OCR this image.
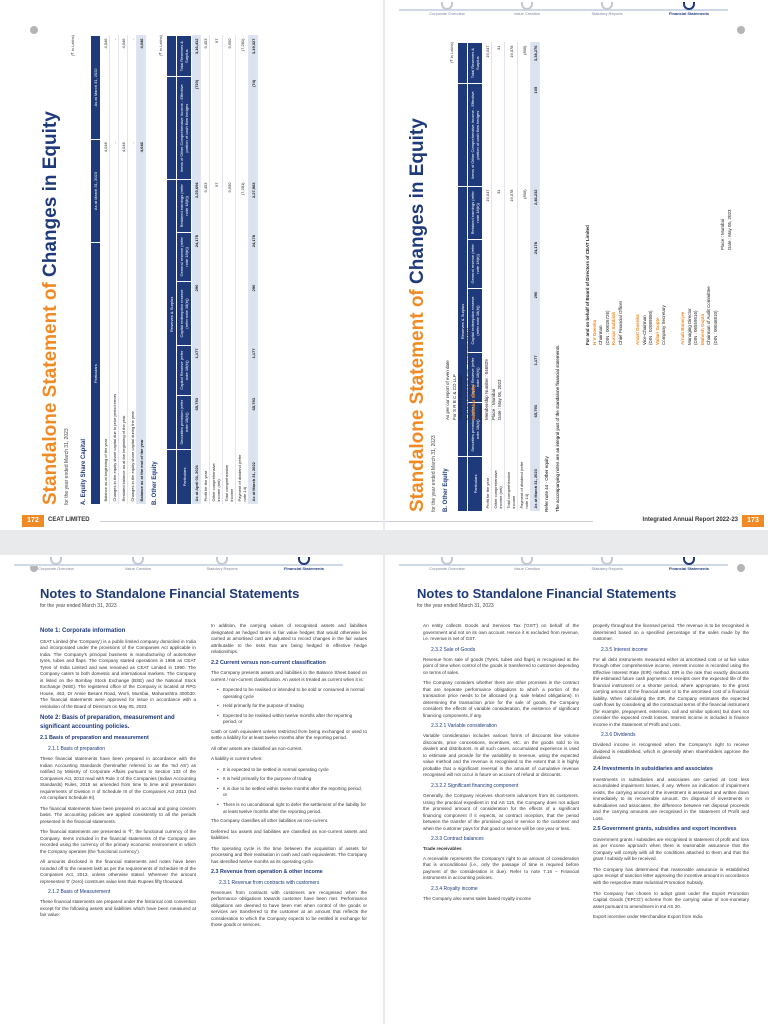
Standalone Statement of Changes in Equity
for the year ended March 31, 2023
(₹ in Lakhs)
A. Equity Share Capital
Particulars	As at March 31, 2023	As at March 31, 2022
Balance as at beginning of the year	4,046	4,046
Changes in the equity share capital due to prior period errors	-	-
Restated balance as at the beginning of the year	4,046	4,046
Changes in the equity share capital during the year	-	-
Balance as at the end of the year	4,046	4,046
B. Other Equity
(₹ in Lakhs)
	Reserves & Surplus						
Particulars	Securities premium (refer note 18(b))	Capital Reserve (refer note 18(b))	Capital redemption reserve (refer note 18(b))	General reserve (refer note 18(b))	Retained earnings (refer note 18(b))	Items of Other Comprehensive Income - Effective portion of cash flow hedges	Total Reserves & Surplus
As at April 01, 2021	65,793	1,177	290	24,178	2,25,694	(720)	3,16,412
Profit for the year					9,453		9,453
Other comprehensive income (net)					97		97
Total comprehensive income					9,550		9,550
Payment of dividend (refer note 14)					(7,281)		(7,281)
As at March 31, 2022	65,793	1,177	290	24,178	2,27,963	(74)	3,19,327
172	CEAT LIMITED
Corporate Overview	Value Creation	Statutory Reports	Financial Statements
Standalone Statement of Changes in Equity
for the year ended March 31, 2023 B. Other Equity
(₹ in Lakhs)
	Reserves & Surplus						
Particulars	Securities premium (refer note 18(b))	Capital Reserve (refer note 18(b))	Capital redemption reserve (refer note 18(b))	General reserve (refer note 18(b))	Retained earnings (refer note 18(b))	Items of Other Comprehensive Income - Effective portion of cash flow hedges	Total Reserves & Surplus
Profit for the year					19,047		19,047
Other comprehensive income (net)					31		31
Total comprehensive income					19,078		19,078
Payment of dividend (refer note 14)					(809)		(809)
As at March 31, 2023	65,793	1,177	290	24,178	2,46,232	105	3,38,276
Refer note 44 - Other equity The accompanying notes are an integral part of the standalone financial statements.
As per our report of even date For S R B C & CO LLP Chartered Accountants ICAI Firm Registration No : 324982E/E300003 Sudhakar Shetty Partner Membership Number : 046829 Place : Mumbai Date : May 05, 2023
For and on behalf of Board of Directors of CEAT Limited H V Goenka Chairman (DIN : 00026726) Kumar Subbiah Chief Financial Officer	Anant Goenka Vice-Chairman (DIN : 02089850) Vallari Gupte Company Secretary	Arnab Banerjee Managing Director (DIN : 06559516) Mahesh Gupta Chairman of Audit Committee (DIN : 00046810)
Place : Mumbai Date : May 05, 2023
Integrated Annual Report 2022-23	173
Corporate Overview	Value Creation	Statutory Reports	Financial Statements
Notes to Standalone Financial Statements
for the year ended March 31, 2023
Note 1: Corporate information

CEAT Limited (the 'Company') is a public limited company domiciled in India and incorporated under the provisions of the Companies Act applicable in India. The Company's principal business is manufacturing of automotive tyres, tubes and flaps. The Company started operations in 1958 as CEAT Tyres of India Limited and was renamed as CEAT Limited in 1990. The Company caters to both domestic and international markets. The Company is listed on the Bombay Stock Exchange (BSE) and the National Stock Exchange (NSE). The registered office of the Company is located at RPG House, 463, Dr Annie Besant Road, Worli, Mumbai, Maharashtra 400030. The financial statements were approved for issue in accordance with a resolution of the Board of Directors on May 05, 2023.

Note 2: Basis of preparation, measurement and significant accounting policies.
2.1 Basis of preparation and measurement
2.1.1 Basis of preparation

These financial statements have been prepared in accordance with the Indian Accounting Standards (hereinafter referred to as the 'Ind AS') as notified by Ministry of Corporate Affairs pursuant to Section 133 of the Companies Act, 2013 read with Rule 3 of the Companies (Indian Accounting Standards) Rules, 2015 as amended from time to time and presentation requirements of Division II of Schedule III of the Companies Act 2013 (Ind AS compliant Schedule III).

The financial statements have been prepared on accrual and going concern basis. The accounting policies are applied consistently to all the periods presented in the financial statements.

The financial statements are presented in '₹', the functional currency of the Company. Items included in the financial statements of the Company are recorded using the currency of the primary economic environment in which the Company operates (the 'functional currency').

All amounts disclosed in the financial statements and notes have been rounded off to the nearest lakh as per the requirements of Schedule III of the Companies Act, 2013, unless otherwise stated. Wherever the amount represented '0' (zero) construes value less than Rupees fifty thousand.

2.1.2 Basis of Measurement

These financial statements are prepared under the historical cost convention except for the following assets and liabilities which have been measured at fair value:

In addition, the carrying values of recognised assets and liabilities designated as hedged items in fair value hedges that would otherwise be carried at amortised cost are adjusted to record changes in the fair values attributable to the risks that are being hedged in effective hedge relationships.

2.2 Current versus non-current classification

The Company presents assets and liabilities in the Balance Sheet based on current / non-current classification. An asset is treated as current when it is:

• Expected to be realised or intended to be sold or consumed in normal operating cycle
• Held primarily for the purpose of trading
• Expected to be realised within twelve months after the reporting period, or

Cash or cash equivalent unless restricted from being exchanged or used to settle a liability for at least twelve months after the reporting period.

All other assets are classified as non-current.

A liability is current when:

• It is expected to be settled in normal operating cycle
• It is held primarily for the purpose of trading
• It is due to be settled within twelve months after the reporting period, or
• There is no unconditional right to defer the settlement of the liability for at least twelve months after the reporting period.

The Company classifies all other liabilities as non-current.

Deferred tax assets and liabilities are classified as non-current assets and liabilities.

The operating cycle is the time between the acquisition of assets for processing and their realisation in cash and cash equivalents. The Company has identified twelve months as its operating cycle.

2.3 Revenue from operation & other income
2.3.1 Revenue from contracts with customers

Revenues from contracts with customers are recognised when the performance obligations towards customer have been met. Performance obligations are deemed to have been met when control of the goods or services are transferred to the customer at an amount that reflects the consideration to which the Company expects to be entitled in exchange for those goods or services.

Corporate Overview	Value Creation	Statutory Reports	Financial Statements
Notes to Standalone Financial Statements
for the year ended March 31, 2023

An entity collects Goods and Services Tax ('GST') on behalf of the government and not on its own account. Hence it is excluded from revenue, i.e. revenue is net of GST.

2.3.2 Sale of Goods

Revenue from sale of goods (Tyres, tubes and flaps) is recognised at the point of time when control of the goods is transferred to customer depending on terms of sales.

The Company considers whether there are other promises in the contract that are separate performance obligations to which a portion of the transaction price needs to be allocated (e.g. sale related obligations). In determining the transaction price for the sale of goods, the Company considers the effects of variable consideration, the existence of significant financing components, if any.

2.3.2.1 Variable consideration

Variable consideration includes various forms of discounts like volume discounts, price concessions, incentives, etc. on the goods sold to its dealers and distributors. In all such cases, accumulated experience is used to estimate and provide for the variability in revenue, using the expected value method and the revenue is recognised to the extent that it is highly probable that a significant reversal in the amount of cumulative revenue recognised will not occur in future on account of refund or discounts.

2.3.2.2 Significant financing component

Generally, the Company receives short-term advances from its customers. Using the practical expedient in Ind AS 115, the Company does not adjust the promised amount of consideration for the effects of a significant financing component if it expects, at contract inception, that the period between the transfer of the promised good or service to the customer and when the customer pays for that good or service will be one year or less.

2.3.3 Contract balances
Trade receivables

A receivable represents the Company's right to an amount of consideration that is unconditional (i.e., only the passage of time is required before payment of the consideration is due). Refer to note 7.16 – Financial instruments in accounting policies.

2.3.4 Royalty income

The Company also earns sales based royalty income

properly throughout the licensed period. The revenue is to be recognised is determined based on a specified percentage of the sales made by the customer.

2.3.5 Interest income

For all debt instruments measured either at amortised cost or at fair value through other comprehensive income, interest income is recorded using the Effective Interest Rate (EIR) method. EIR is the rate that exactly discounts the estimated future cash payments or receipts over the expected life of the financial instrument or a shorter period, where appropriate, to the gross carrying amount of the financial asset or to the amortised cost of a financial liability. When calculating the EIR, the Company estimates the expected cash flows by considering all the contractual terms of the financial instrument (for example, prepayment, extension, call and similar options) but does not consider the expected credit losses. Interest income is included in finance income in the Statement of Profit and Loss.

2.3.6 Dividends

Dividend income is recognised when the Company's right to receive dividend is established, which is generally when shareholders approve the dividend.

2.4 Investments in subsidiaries and associates

Investments in subsidiaries and associates are carried at cost less accumulated impairment losses, if any. Where an indication of impairment exists, the carrying amount of the investment is assessed and written down immediately to its recoverable amount. On disposal of investments in subsidiaries and associates, the difference between net disposal proceeds and the carrying amounts are recognised in the Statement of Profit and Loss.

2.5 Government grants, subsidies and export incentives

Government grants / subsidies are recognised in statement of profit and loss as per income approach when there is reasonable assurance that the Company will comply with all the conditions attached to them and that the grant / subsidy will be received.

The Company has determined that reasonable assurance is established upon receipt of sanction letter approving the incentive amount in accordance with the respective State Industrial Promotion Subsidy.

The Company has chosen to adopt grant under the Export Promotion Capital Goods ('EPCG') scheme from the carrying value of non-monetary asset pursuant to amendment in Ind AS 20.

Export incentive under Merchandise Export from India
